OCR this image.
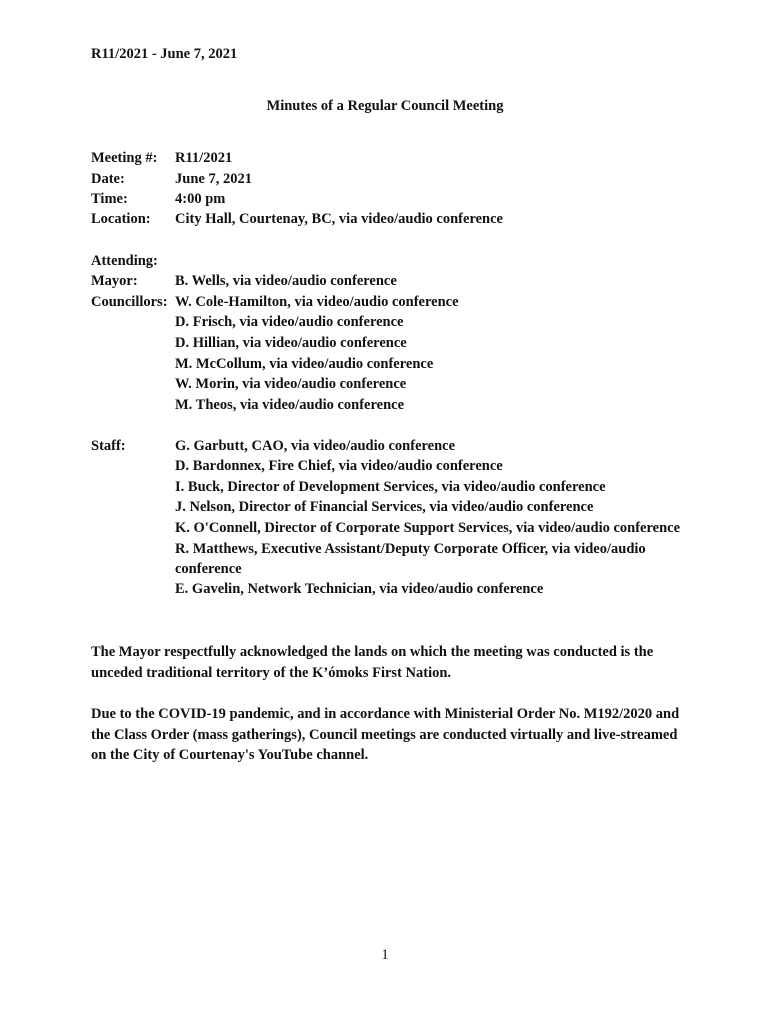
R11/2021 - June 7, 2021
Minutes of a Regular Council Meeting
Meeting #: R11/2021
Date:	June 7, 2021
Time:	4:00 pm
Location: City Hall, Courtenay, BC, via video/audio conference
Attending:
Mayor:	B. Wells, via video/audio conference
Councillors: W. Cole-Hamilton, via video/audio conference
D. Frisch, via video/audio conference
D. Hillian, via video/audio conference
M. McCollum, via video/audio conference
W. Morin, via video/audio conference
M. Theos, via video/audio conference
Staff:	G. Garbutt, CAO, via video/audio conference
D. Bardonnex, Fire Chief, via video/audio conference
I. Buck, Director of Development Services, via video/audio conference
J. Nelson, Director of Financial Services, via video/audio conference
K. O'Connell, Director of Corporate Support Services, via video/audio conference
R. Matthews, Executive Assistant/Deputy Corporate Officer, via video/audio
conference
E. Gavelin, Network Technician, via video/audio conference
The Mayor respectfully acknowledged the lands on which the meeting was conducted is the unceded traditional territory of the K’ómoks First Nation.
Due to the COVID-19 pandemic, and in accordance with Ministerial Order No. M192/2020 and the Class Order (mass gatherings), Council meetings are conducted virtually and live-streamed on the City of Courtenay's YouTube channel.
1
